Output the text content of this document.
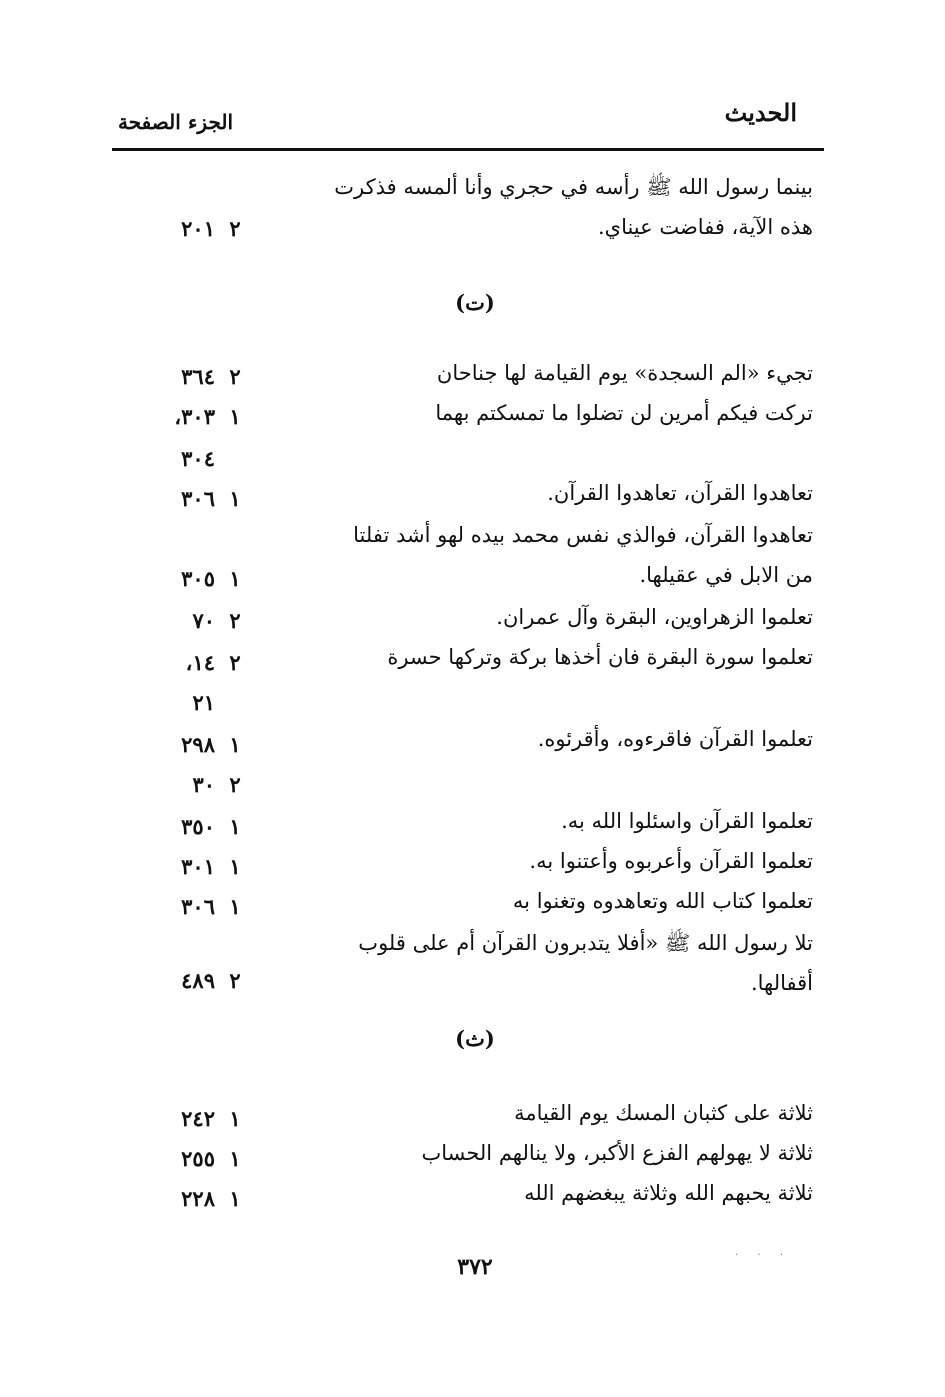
الحديث
الجزء
الصفحة
بينما رسول الله ﷺ رأسه في حجري وأنا ألمسه فذكرت
هذه الآية، ففاضت عيناي.
٢
٢٠١
(ت)
تجيء «الم السجدة» يوم القيامة لها جناحان
٢
٣٦٤
تركت فيكم أمرين لن تضلوا ما تمسكتم بهما
١
٣٠٣،
٣٠٤
تعاهدوا القرآن، تعاهدوا القرآن.
١
٣٠٦
تعاهدوا القرآن، فوالذي نفس محمد بيده لهو أشد تفلتا
من الابل في عقيلها.
١
٣٠٥
تعلموا الزهراوين، البقرة وآل عمران.
٢
٧٠
تعلموا سورة البقرة فان أخذها بركة وتركها حسرة
٢
١٤،
٢١
تعلموا القرآن فاقرءوه، وأقرئوه.
١
٢٩٨
٢
٣٠
تعلموا القرآن واسئلوا الله به.
١
٣٥٠
تعلموا القرآن وأعربوه وأعتنوا به.
١
٣٠١
تعلموا كتاب الله وتعاهدوه وتغنوا به
١
٣٠٦
تلا رسول الله ﷺ «أفلا يتدبرون القرآن أم على قلوب
أقفالها.
٢
٤٨٩
(ث)
ثلاثة على كثبان المسك يوم القيامة
١
٢٤٢
ثلاثة لا يهولهم الفزع الأكبر، ولا ينالهم الحساب
١
٢٥٥
ثلاثة يحبهم الله وثلاثة يبغضهم الله
١
٢٢٨
· · ·
٣٧٢
